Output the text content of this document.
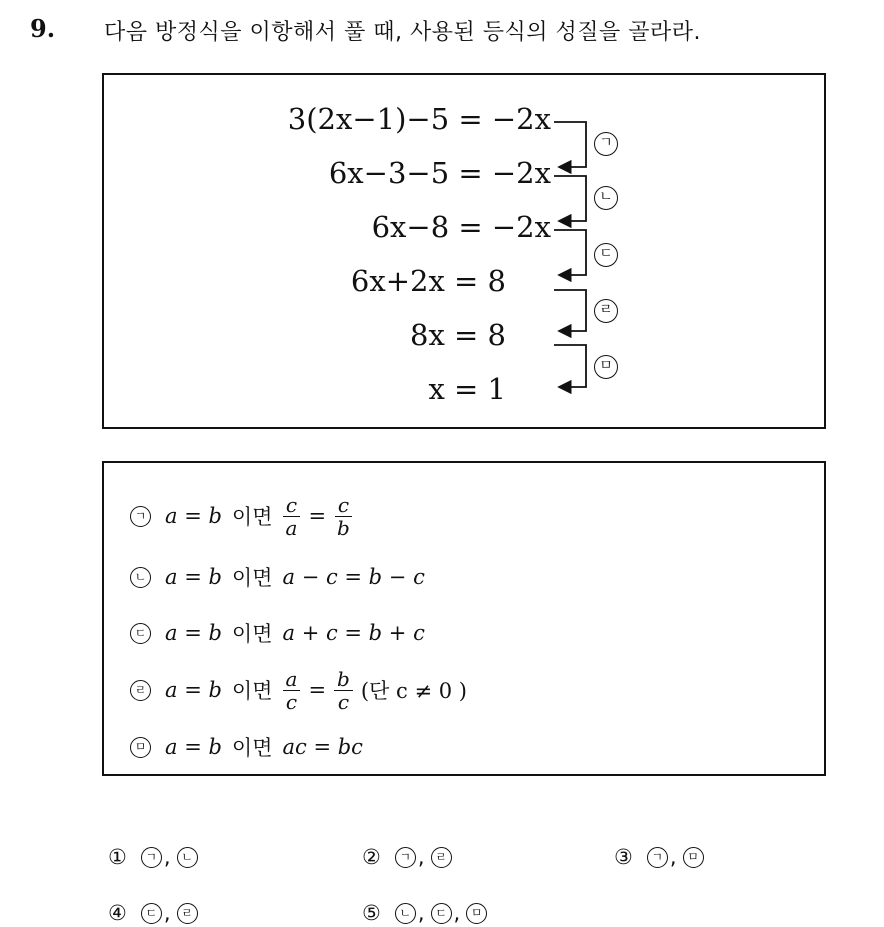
9. 다음 방정식을 이항해서 풀 때, 사용된 등식의 성질을 골라라.
3(2x−1)−5 = −2x
6x−3−5 = −2x
6x−8 = −2x
6x+2x = 8
8x = 8
x = 1
ㄱ
ㄴ
ㄷ
ㄹ
ㅁ
ㄱ a = b 이면 $\frac{c}{a} = \frac{c}{b}$
ㄴ a = b 이면 a − c = b − c
ㄷ a = b 이면 a + c = b + c
ㄹ a = b 이면 $\frac{a}{c} = \frac{b}{c}$ (단 c ≠ 0 )
ㅁ a = b 이면 ac = bc
①	ㄱ , ㄴ	②	ㄱ , ㄹ	③	ㄱ , ㅁ
④	ㄷ , ㄹ	⑤	ㄴ , ㄷ , ㅁ
